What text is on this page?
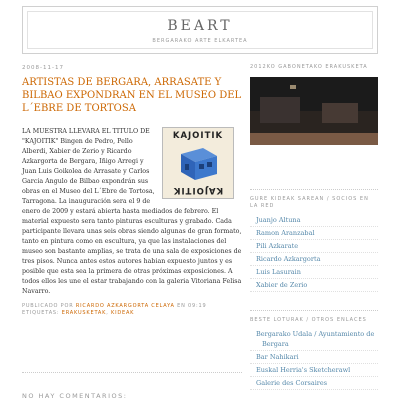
BEART
BERGARAKO ARTE ELKARTEA
2008-11-17
ARTISTAS DE BERGARA, ARRASATE Y BILBAO EXPONDRAN EN EL MUSEO DEL L´EBRE DE TORTOSA
KAJOITIK
KAJOITIK
LA MUESTRA LLEVARA EL TITULO DE "KAJOITIK" Bingen de Pedro, Pello Alberdi, Xabier de Zerio y Ricardo Azkargorta de Bergara, Iñigo Arregi y Juan Luis Goikolea de Arrasate y Carlos Garcia Angulo de Bilbao expondrán sus obras en el Museo del L´Ebre de Tortosa, Tarragona. La inauguración sera el 9 de enero de 2009 y estará abierta hasta mediados de febrero. El material expuesto sera tanto pinturas esculturas y grabado. Cada participante llevara unas seis obras siendo algunas de gran formato, tanto en pintura como en escultura, ya que las instalaciones del museo son bastante amplias, se trata de una sala de exposiciones de tres pisos. Nunca antes estos autores habian expuesto juntos y es posible que esta sea la primera de otras próximas exposiciones. A todos ellos les une el estar trabajando con la galeria Vitoriana Felisa Navarro.
PUBLICADO POR RICARDO AZKARGORTA CELAYA EN 09:19
ETIQUETAS: ERAKUSKETAK, KIDEAK
NO HAY COMENTARIOS:
2012KO GABONETAKO ERAKUSKETA
GURE KIDEAK SAREAN / SOCIOS EN LA RED
Juanjo Altuna
Ramon Aranzabal
Pili Azkarate
Ricardo Azkargorta
Luis Lasurain
Xabier de Zerio
BESTE LOTURAK / OTROS ENLACES
Bergarako Udala / Ayuntamiento de
Bergara
Bar Nahikari
Euskal Herria's Sketcherawl
Galerie des Corsaires
